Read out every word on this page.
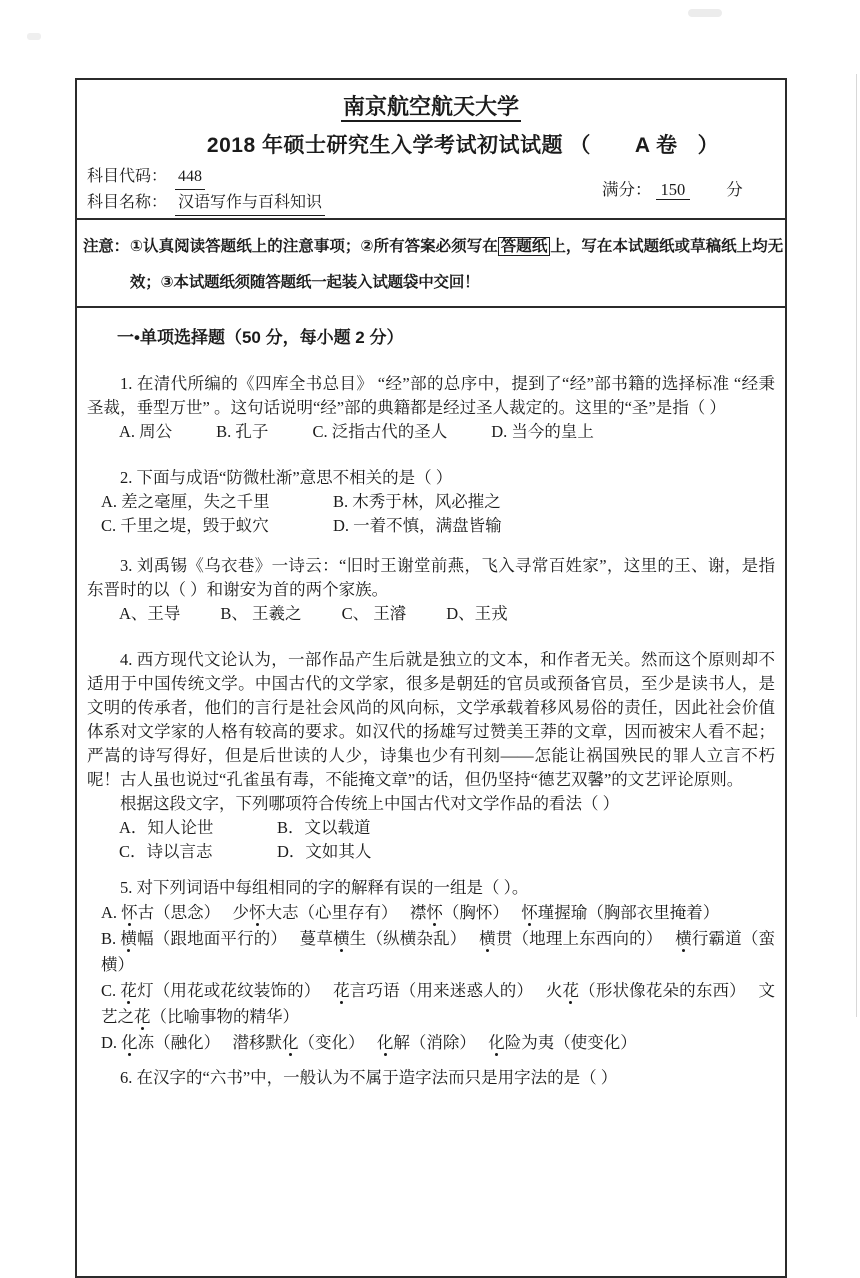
南京航空航天大学
2018 年硕士研究生入学考试初试试题 （ A 卷 ）
科目代码： 448
科目名称： 汉语写作与百科知识
满分： 150 分
注意： ①认真阅读答题纸上的注意事项；②所有答案必须写在 答题纸 上，写在本试题纸或草稿纸上均无效；③本试题纸须随答题纸一起装入试题袋中交回！
一•单项选择题（50 分，每小题 2 分）

1. 在清代所编的《四库全书总目》 “经”部的总序中，提到了“经”部书籍的选择标准 “经秉圣裁，垂型万世” 。这句话说明“经”部的典籍都是经过圣人裁定的。这里的“圣”是指（ ）

A. 周公	B. 孔子	C. 泛指古代的圣人	D. 当今的皇上

2. 下面与成语“防微杜渐”意思不相关的是（ ）

A. 差之毫厘，失之千里	B. 木秀于林，风必摧之
C. 千里之堤，毁于蚁穴	D. 一着不慎，满盘皆输

3. 刘禹锡《乌衣巷》一诗云：“旧时王谢堂前燕，飞入寻常百姓家”，这里的王、谢，是指东晋时的以（ ）和谢安为首的两个家族。

A、王导 B、 王羲之 C、 王濬 D、王戎

4. 西方现代文论认为，一部作品产生后就是独立的文本，和作者无关。然而这个原则却不适用于中国传统文学。中国古代的文学家，很多是朝廷的官员或预备官员，至少是读书人，是文明的传承者，他们的言行是社会风尚的风向标，文学承载着移风易俗的责任，因此社会价值体系对文学家的人格有较高的要求。如汉代的扬雄写过赞美王莽的文章，因而被宋人看不起；严嵩的诗写得好，但是后世读的人少，诗集也少有刊刻——怎能让祸国殃民的罪人立言不朽呢！古人虽也说过“孔雀虽有毒，不能掩文章”的话，但仍坚持“德艺双馨”的文艺评论原则。

根据这段文字，下列哪项符合传统上中国古代对文学作品的看法（ ）

A．知人论世	B．文以载道
C．诗以言志	D．文如其人

5. 对下列词语中每组相同的字的解释有误的一组是（ ）。

A. 怀古（思念）　 少怀大志（心里存有）　 襟怀（胸怀）　 怀瑾握瑜（胸部衣里掩着）
B. 横幅（跟地面平行的）　 蔓草横生（纵横杂乱）　 横贯（地理上东西向的）　 横行霸道（蛮横）
C. 花灯（用花或花纹装饰的）　 花言巧语（用来迷惑人的）　 火花（形状像花朵的东西）　 文艺之花（比喻事物的精华）
D. 化冻（融化）　 潜移默化（变化）　 化解（消除）　 化险为夷（使变化）

6. 在汉字的“六书”中，一般认为不属于造字法而只是用字法的是（ ）
